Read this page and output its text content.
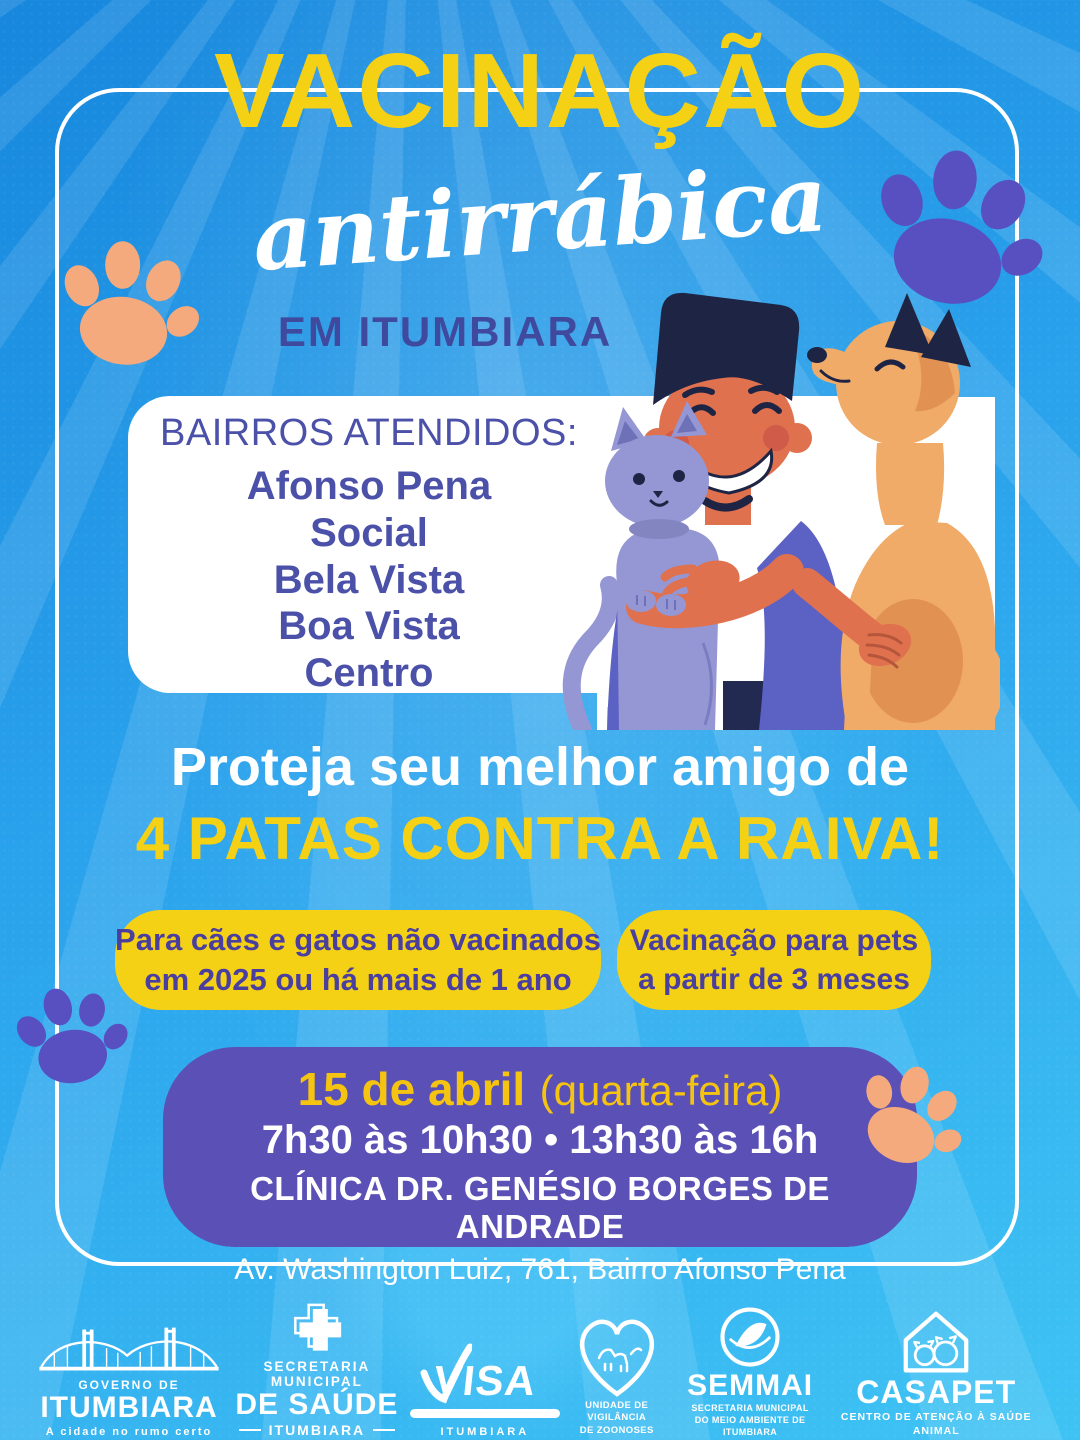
VACINAÇÃO
antirrábica
EM ITUMBIARA
BAIRROS ATENDIDOS:
Afonso Pena
Social
Bela Vista
Boa Vista
Centro
Proteja seu melhor amigo de
4 PATAS CONTRA A RAIVA!
Para cães e gatos não vacinados
em 2025 ou há mais de 1 ano
Vacinação para pets
a partir de 3 meses
15 de abril (quarta-feira)
7h30 às 10h30 • 13h30 às 16h
CLÍNICA DR. GENÉSIO BORGES DE ANDRADE
Av. Washington Luiz, 761, Bairro Afonso Pena
GOVERNO DE
ITUMBIARA
A cidade no rumo certo
SECRETARIA MUNICIPAL
DE SAÚDE
ITUMBIARA
VISA
ITUMBIARA
UNIDADE DE VIGILÂNCIA
DE ZOONOSES
SEMMAI
SECRETARIA MUNICIPAL
DO MEIO AMBIENTE DE ITUMBIARA
CASAPET
CENTRO DE ATENÇÃO À SAÚDE ANIMAL
